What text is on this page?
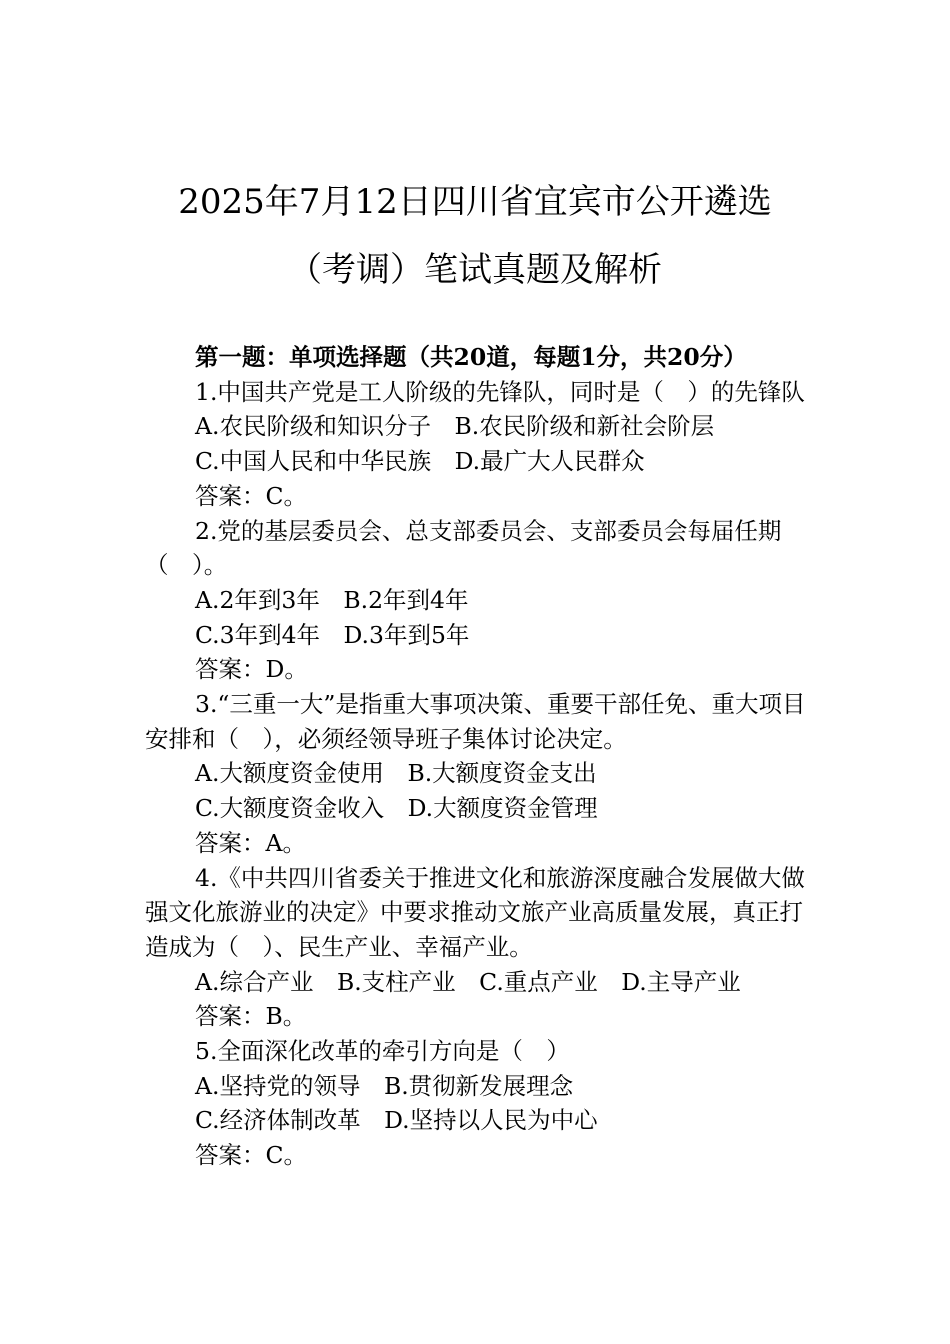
2025年7月12日四川省宜宾市公开遴选
（考调）笔试真题及解析

第一题：单项选择题（共20道，每题1分，共20分）

1.中国共产党是工人阶级的先锋队，同时是（　）的先锋队

A.农民阶级和知识分子　B.农民阶级和新社会阶层

C.中国人民和中华民族　D.最广大人民群众

答案：C。

2.党的基层委员会、总支部委员会、支部委员会每届任期（　）。

A.2年到3年　B.2年到4年

C.3年到4年　D.3年到5年

答案：D。

3.“三重一大”是指重大事项决策、重要干部任免、重大项目安排和（　），必须经领导班子集体讨论决定。

A.大额度资金使用　B.大额度资金支出

C.大额度资金收入　D.大额度资金管理

答案：A。

4.《中共四川省委关于推进文化和旅游深度融合发展做大做强文化旅游业的决定》中要求推动文旅产业高质量发展，真正打造成为（　）、民生产业、幸福产业。

A.综合产业　B.支柱产业　C.重点产业　D.主导产业

答案：B。

5.全面深化改革的牵引方向是（　）

A.坚持党的领导　B.贯彻新发展理念

C.经济体制改革　D.坚持以人民为中心

答案：C。
